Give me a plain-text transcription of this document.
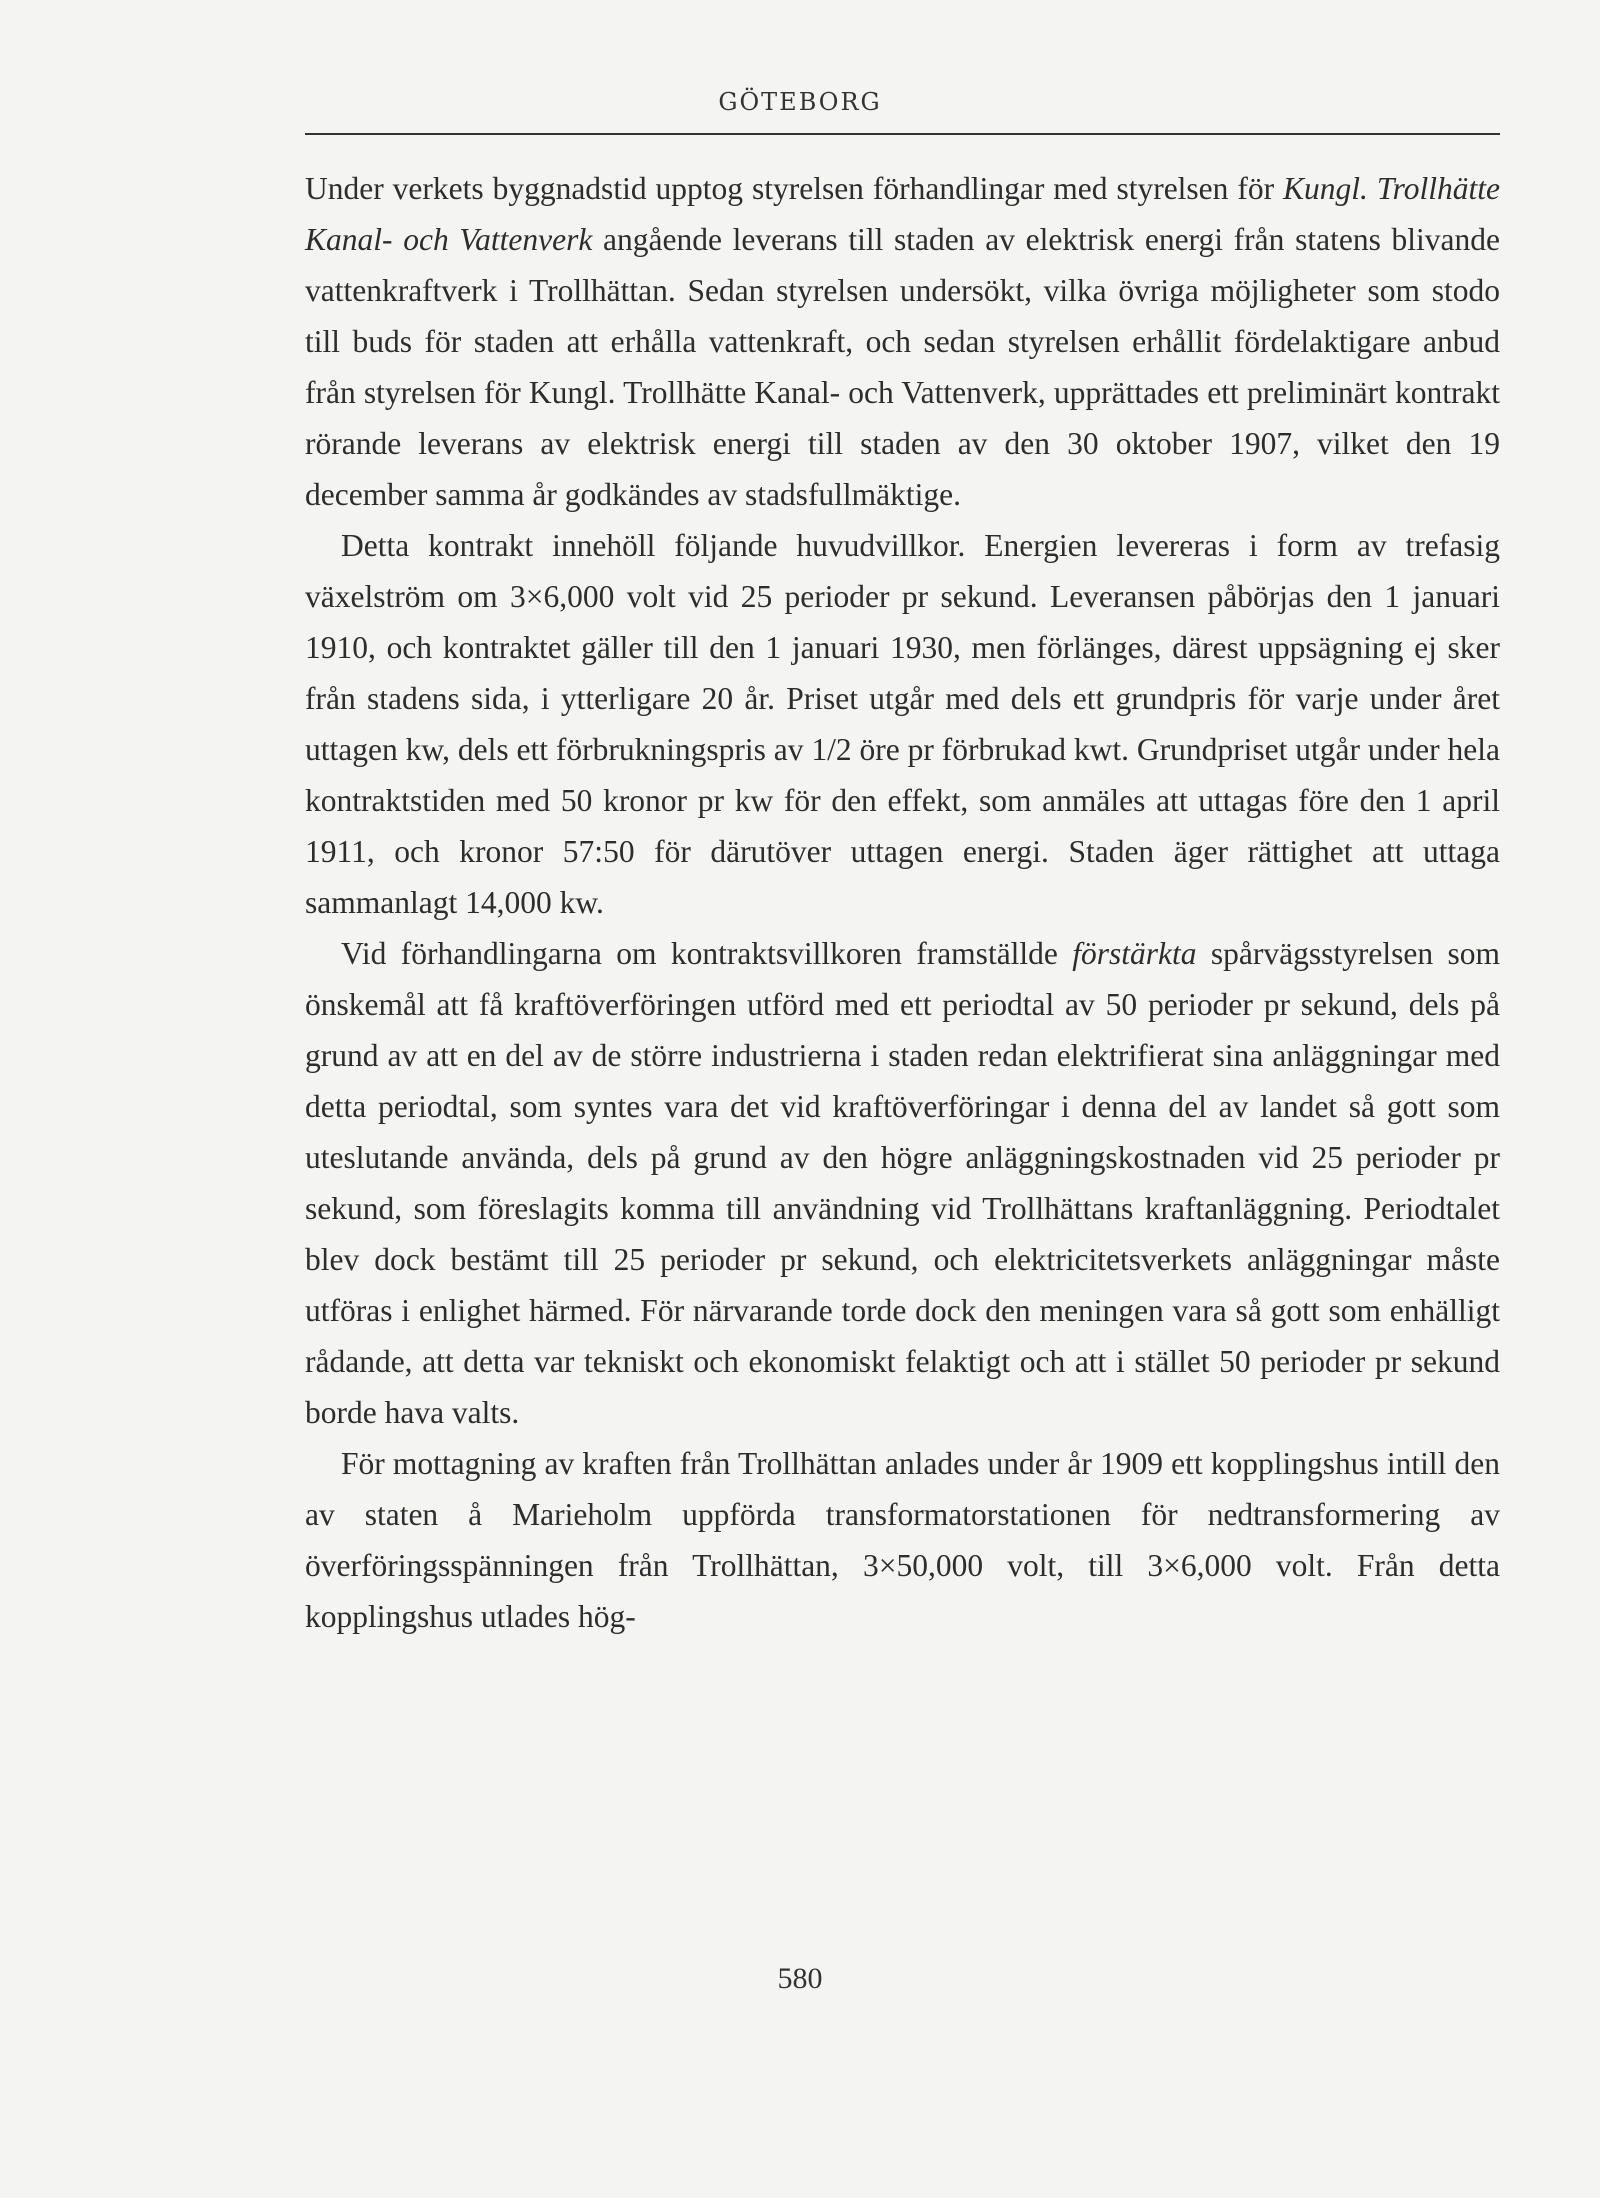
GÖTEBORG

Under verkets byggnadstid upptog styrelsen förhandlingar med styrelsen för Kungl. Trollhätte Kanal- och Vattenverk angående leverans till staden av elektrisk energi från statens blivande vattenkraftverk i Trollhättan. Sedan styrelsen undersökt, vilka övriga möjligheter som stodo till buds för staden att erhålla vattenkraft, och sedan styrelsen erhållit fördelaktigare anbud från styrelsen för Kungl. Trollhätte Kanal- och Vattenverk, upprättades ett preliminärt kontrakt rörande leverans av elektrisk energi till staden av den 30 oktober 1907, vilket den 19 december samma år godkändes av stadsfullmäktige.

Detta kontrakt innehöll följande huvudvillkor. Energien levereras i form av trefasig växelström om 3×6,000 volt vid 25 perioder pr sekund. Leveransen påbörjas den 1 januari 1910, och kontraktet gäller till den 1 januari 1930, men förlänges, därest uppsägning ej sker från stadens sida, i ytterligare 20 år. Priset utgår med dels ett grundpris för varje under året uttagen kw, dels ett förbrukningspris av 1/2 öre pr förbrukad kwt. Grundpriset utgår under hela kontraktstiden med 50 kronor pr kw för den effekt, som anmäles att uttagas före den 1 april 1911, och kronor 57:50 för därutöver uttagen energi. Staden äger rättighet att uttaga sammanlagt 14,000 kw.

Vid förhandlingarna om kontraktsvillkoren framställde förstärkta spårvägsstyrelsen som önskemål att få kraftöverföringen utförd med ett periodtal av 50 perioder pr sekund, dels på grund av att en del av de större industrierna i staden redan elektrifierat sina anläggningar med detta periodtal, som syntes vara det vid kraftöverföringar i denna del av landet så gott som uteslutande använda, dels på grund av den högre anläggningskostnaden vid 25 perioder pr sekund, som föreslagits komma till användning vid Trollhättans kraftanläggning. Periodtalet blev dock bestämt till 25 perioder pr sekund, och elektricitetsverkets anläggningar måste utföras i enlighet härmed. För närvarande torde dock den meningen vara så gott som enhälligt rådande, att detta var tekniskt och ekonomiskt felaktigt och att i stället 50 perioder pr sekund borde hava valts.

För mottagning av kraften från Trollhättan anlades under år 1909 ett kopplingshus intill den av staten å Marieholm uppförda transformatorstationen för nedtransformering av överföringsspänningen från Trollhättan, 3×50,000 volt, till 3×6,000 volt. Från detta kopplingshus utlades hög-

580
